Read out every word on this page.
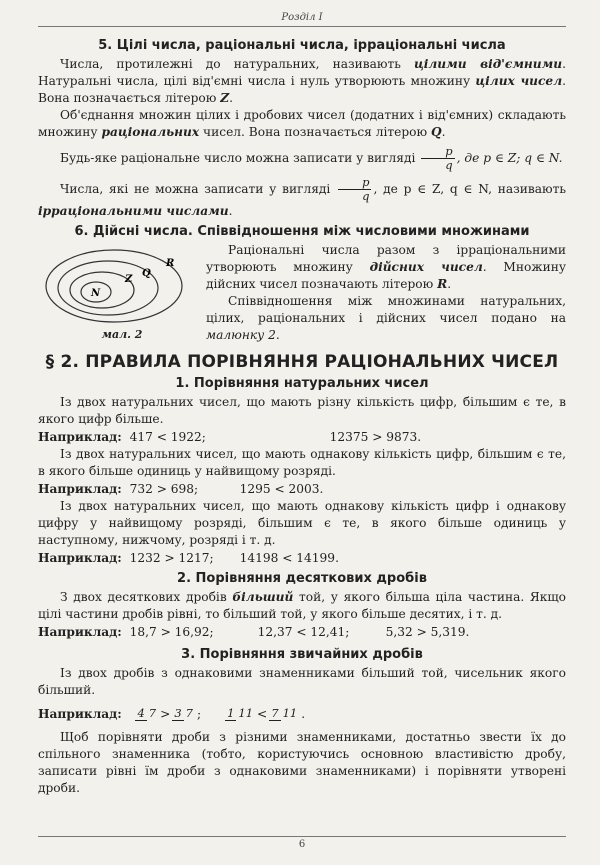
Розділ I
5. Цілі числа, раціональні числа, ірраціональні числа

Числа, протилежні до натуральних, називають цілими від'ємними. Натуральні числа, цілі від'ємні числа і нуль утворюють множину цілих чисел. Вона позначається літерою Z.

Об'єднання множин цілих і дробових чисел (додатних і від'ємних) складають множину раціональних чисел. Вона позначається літерою Q.

Будь-яке раціональне число можна записати у вигляді $\frac{p}{q}$ , де p ∈ Z; q ∈ N.

Числа, які не можна записати у вигляді $\frac{p}{q}$ , де p ∈ Z, q ∈ N, називають ірраціональними числами.

6. Дійсні числа. Співвідношення між числовими множинами
N
Z
Q
R
мал. 2

Раціональні числа разом з ірраціональними утворюють множину дійсних чисел. Множину дійсних чисел позначають літерою R.

Співвідношення між множинами натуральних, цілих, раціональних і дійсних чисел подано на малюнку 2.

§ 2. ПРАВИЛА ПОРІВНЯННЯ РАЦІОНАЛЬНИХ ЧИСЕЛ
1. Порівняння натуральних чисел

Із двох натуральних чисел, що мають різну кількість цифр, більшим є те, в якого цифр більше.

Наприклад: 417 < 1922;	12375 > 9873.

Із двох натуральних чисел, що мають однакову кількість цифр, більшим є те, в якого більше одиниць у найвищому розряді.

Наприклад: 732 > 698;	1295 < 2003.

Із двох натуральних чисел, що мають однакову кількість цифр і однакову цифру у найвищому розряді, більшим є те, в якого більше одиниць у наступному, нижчому, розряді і т. д.

Наприклад: 1232 > 1217; 14198 < 14199.
2. Порівняння десяткових дробів

З двох десяткових дробів більший той, у якого більша ціла частина. Якщо цілі частини дробів рівні, то більший той, у якого більше десятих, і т. д.

Наприклад: 18,7 > 16,92;	12,37 < 12,41;	5,32 > 5,319.
3. Порівняння звичайних дробів

Із двох дробів з однаковими знаменниками більший той, чисельник якого більший.

Наприклад:
4 7 > 3 7 ; 1 11 < 7 11 .

Щоб порівняти дроби з різними знаменниками, достатньо звести їх до спільного знаменника (тобто, користуючись основною властивістю дробу, записати рівні їм дроби з однаковими знаменниками) і порівняти утворені дроби.

6
